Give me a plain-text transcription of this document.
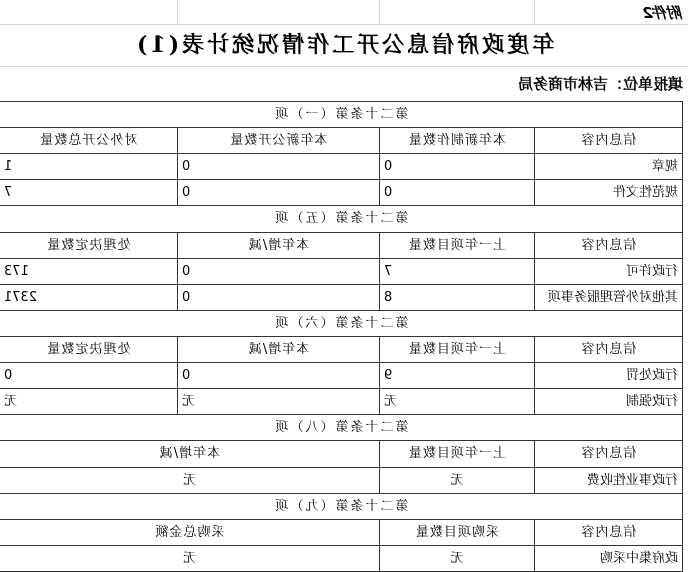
附件2
年度政府信息公开工作情况统计表(1)
填报单位：吉林市商务局
第二十条第（一）项			
信息内容	本年新制作数量	本年新公开数量	对外公开总数量
规章	0	0	1
规范性文件	0	0	7
第二十条第（五）项			
信息内容	上一年项目数量	本年增/减	处理决定数量
行政许可	7	0	173
其他对外管理服务事项	8	0	2371
第二十条第（六）项			
信息内容	上一年项目数量	本年增/减	处理决定数量
行政处罚	9	0	0
行政强制	无	无	无
第二十条第（八）项			
信息内容	上一年项目数量	本年增/减	
行政事业性收费	无	无	
第二十条第（九）项			
信息内容	采购项目数量	采购总金额	
政府集中采购	无	无	
